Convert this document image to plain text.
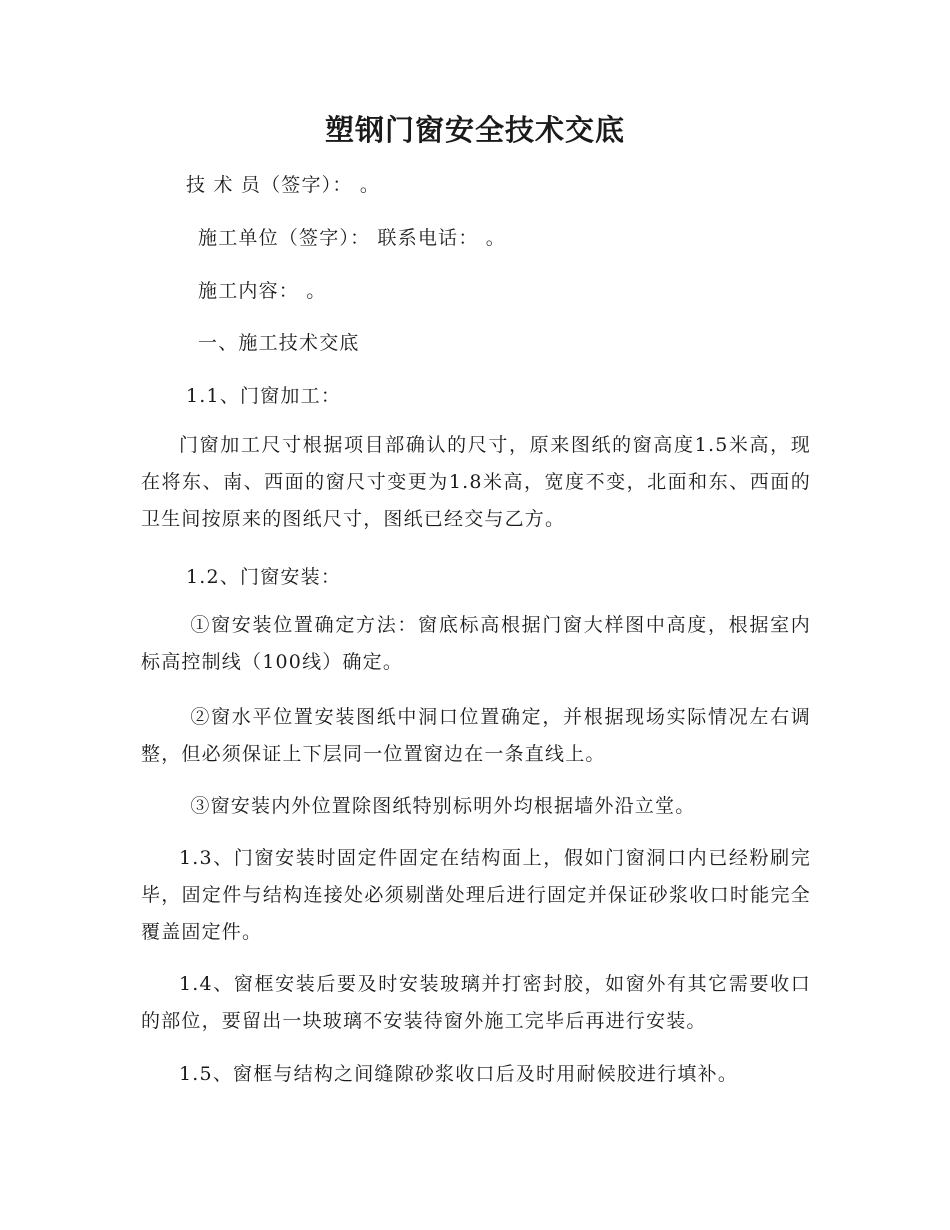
塑钢门窗安全技术交底

技 术 员（签字）： 。

施工单位（签字）： 联系电话： 。

施工内容： 。

一、施工技术交底

1.1、门窗加工：

门窗加工尺寸根据项目部确认的尺寸，原来图纸的窗高度1.5米高，现在将东、南、西面的窗尺寸变更为1.8米高，宽度不变，北面和东、西面的卫生间按原来的图纸尺寸，图纸已经交与乙方。

1.2、门窗安装：

①窗安装位置确定方法：窗底标高根据门窗大样图中高度，根据室内标高控制线（100线）确定。

②窗水平位置安装图纸中洞口位置确定，并根据现场实际情况左右调整，但必须保证上下层同一位置窗边在一条直线上。

③窗安装内外位置除图纸特别标明外均根据墙外沿立堂。

1.3、门窗安装时固定件固定在结构面上，假如门窗洞口内已经粉刷完毕，固定件与结构连接处必须剔凿处理后进行固定并保证砂浆收口时能完全覆盖固定件。

1.4、窗框安装后要及时安装玻璃并打密封胶，如窗外有其它需要收口的部位，要留出一块玻璃不安装待窗外施工完毕后再进行安装。

1.5、窗框与结构之间缝隙砂浆收口后及时用耐候胶进行填补。
